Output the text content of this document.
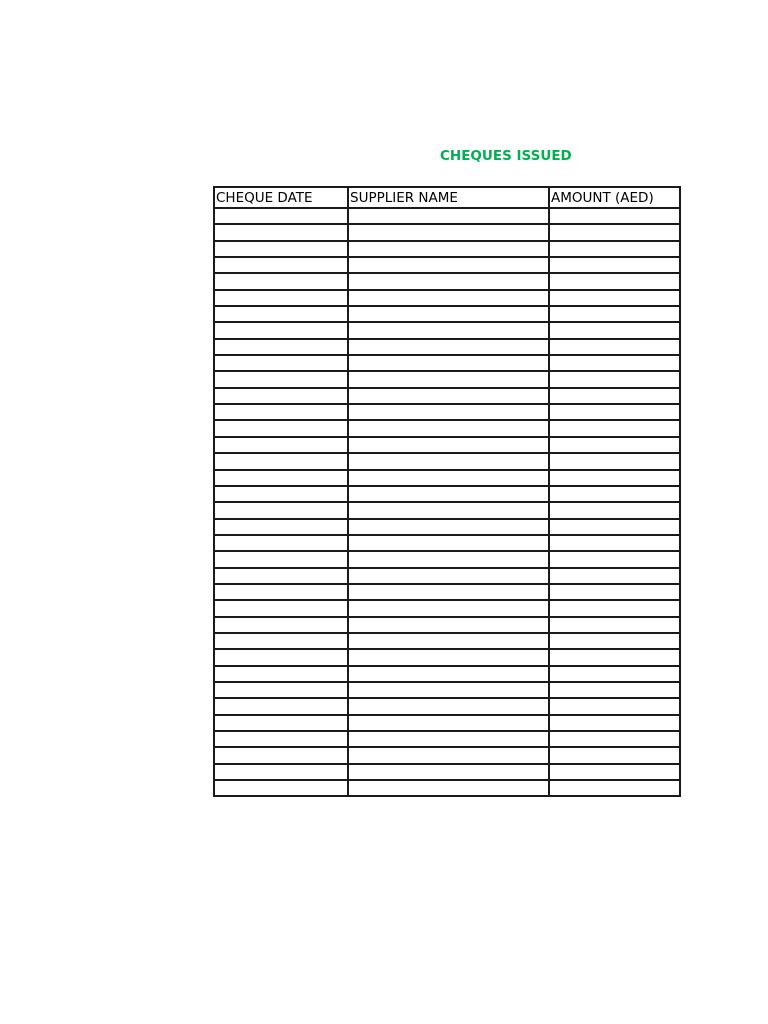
CHEQUES ISSUED
CHEQUE DATE	SUPPLIER NAME	AMOUNT (AED)
